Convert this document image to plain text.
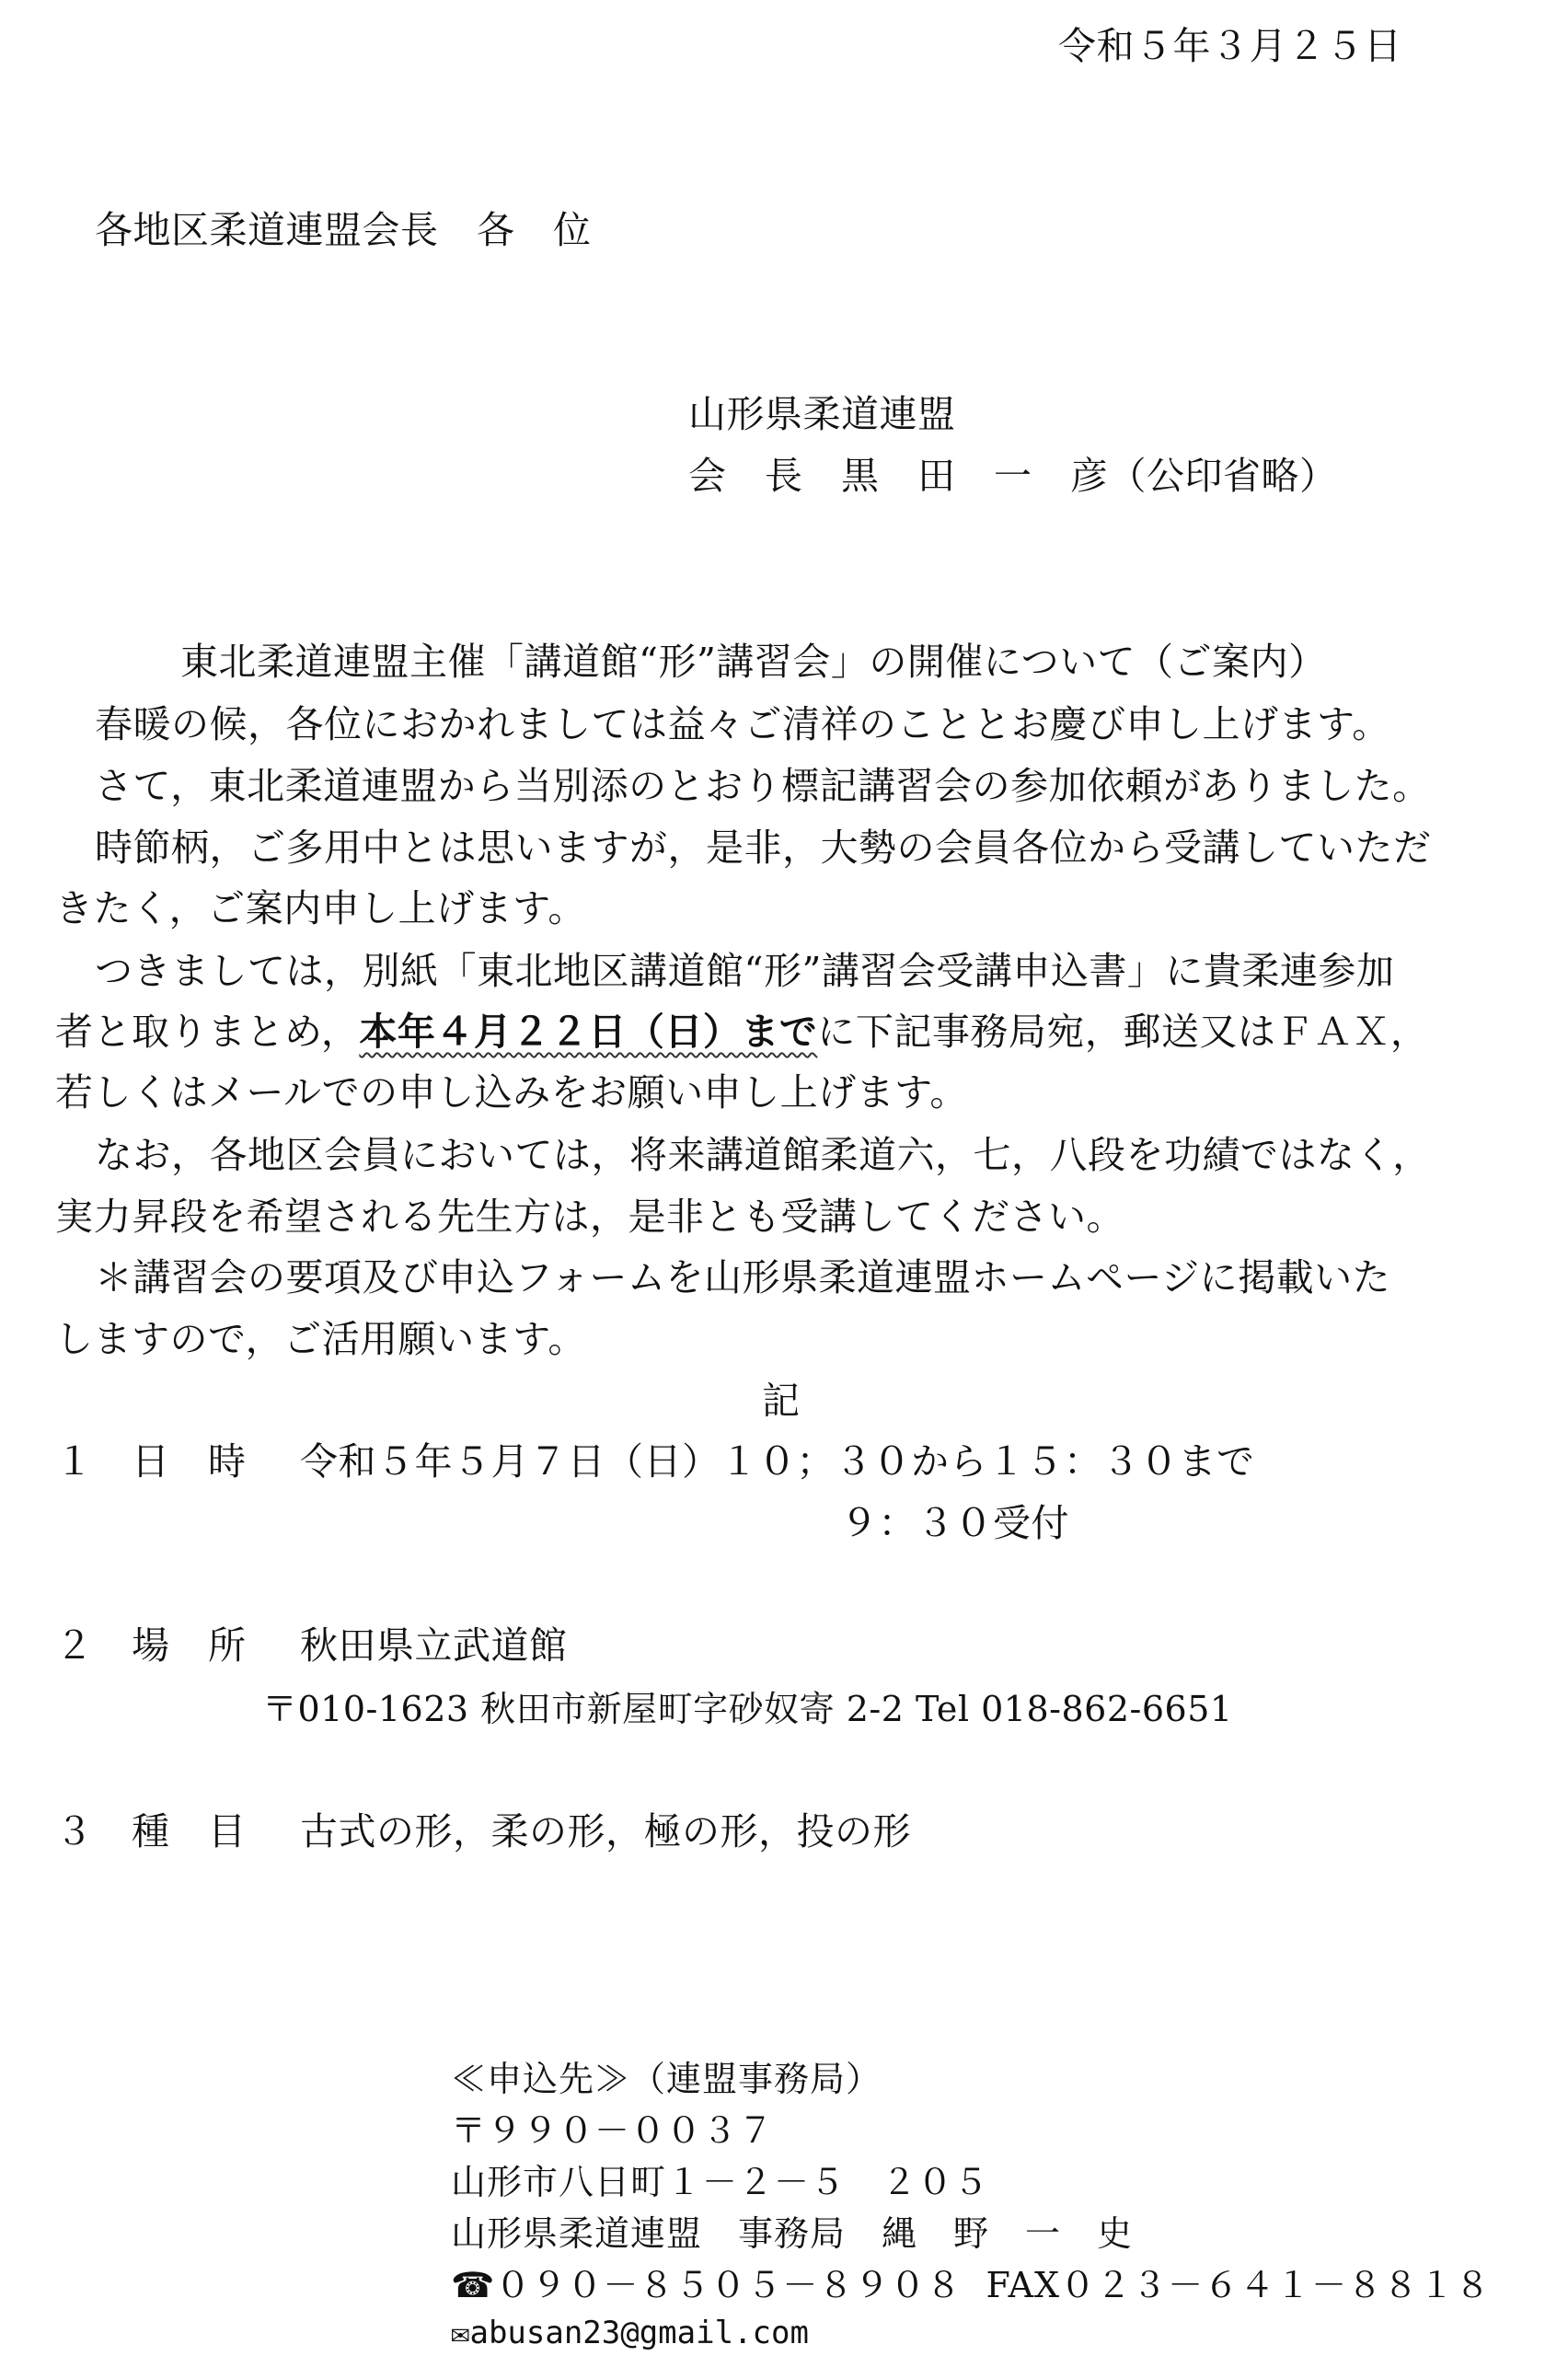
令和５年３月２５日
各地区柔道連盟会長　各　位
山形県柔道連盟
会　長　黒　田　一　彦（公印省略）
東北柔道連盟主催「講道館“形”講習会」の開催について（ご案内）
春暖の候，各位におかれましては益々ご清祥のこととお慶び申し上げます。
さて，東北柔道連盟から当別添のとおり標記講習会の参加依頼がありました。
時節柄，ご多用中とは思いますが，是非，大勢の会員各位から受講していただ
きたく，ご案内申し上げます。
つきましては，別紙「東北地区講道館“形”講習会受講申込書」に貴柔連参加
者と取りまとめ，本年４月２２日（日）までに下記事務局宛，郵送又はＦＡＸ，
若しくはメールでの申し込みをお願い申し上げます。
なお，各地区会員においては，将来講道館柔道六，七，八段を功績ではなく，
実力昇段を希望される先生方は，是非とも受講してください。
＊講習会の要項及び申込フォームを山形県柔道連盟ホームページに掲載いた
しますので，ご活用願います。
記
１　日　時 令和５年５月７日（日）１０；３０から１５：３０まで
９：３０受付
２　場　所 秋田県立武道館
〒010-1623 秋田市新屋町字砂奴寄 2-2 Tel 018-862-6651
３　種　目 古式の形，柔の形，極の形，投の形
≪申込先≫（連盟事務局）
〒９９０－００３７
山形市八日町１－２－５　２０５
山形県柔道連盟　事務局　縄　野　一　史
☎０９０－８５０５－８９０８ FAX０２３－６４１－８８１８
✉abusan23@gmail.com
